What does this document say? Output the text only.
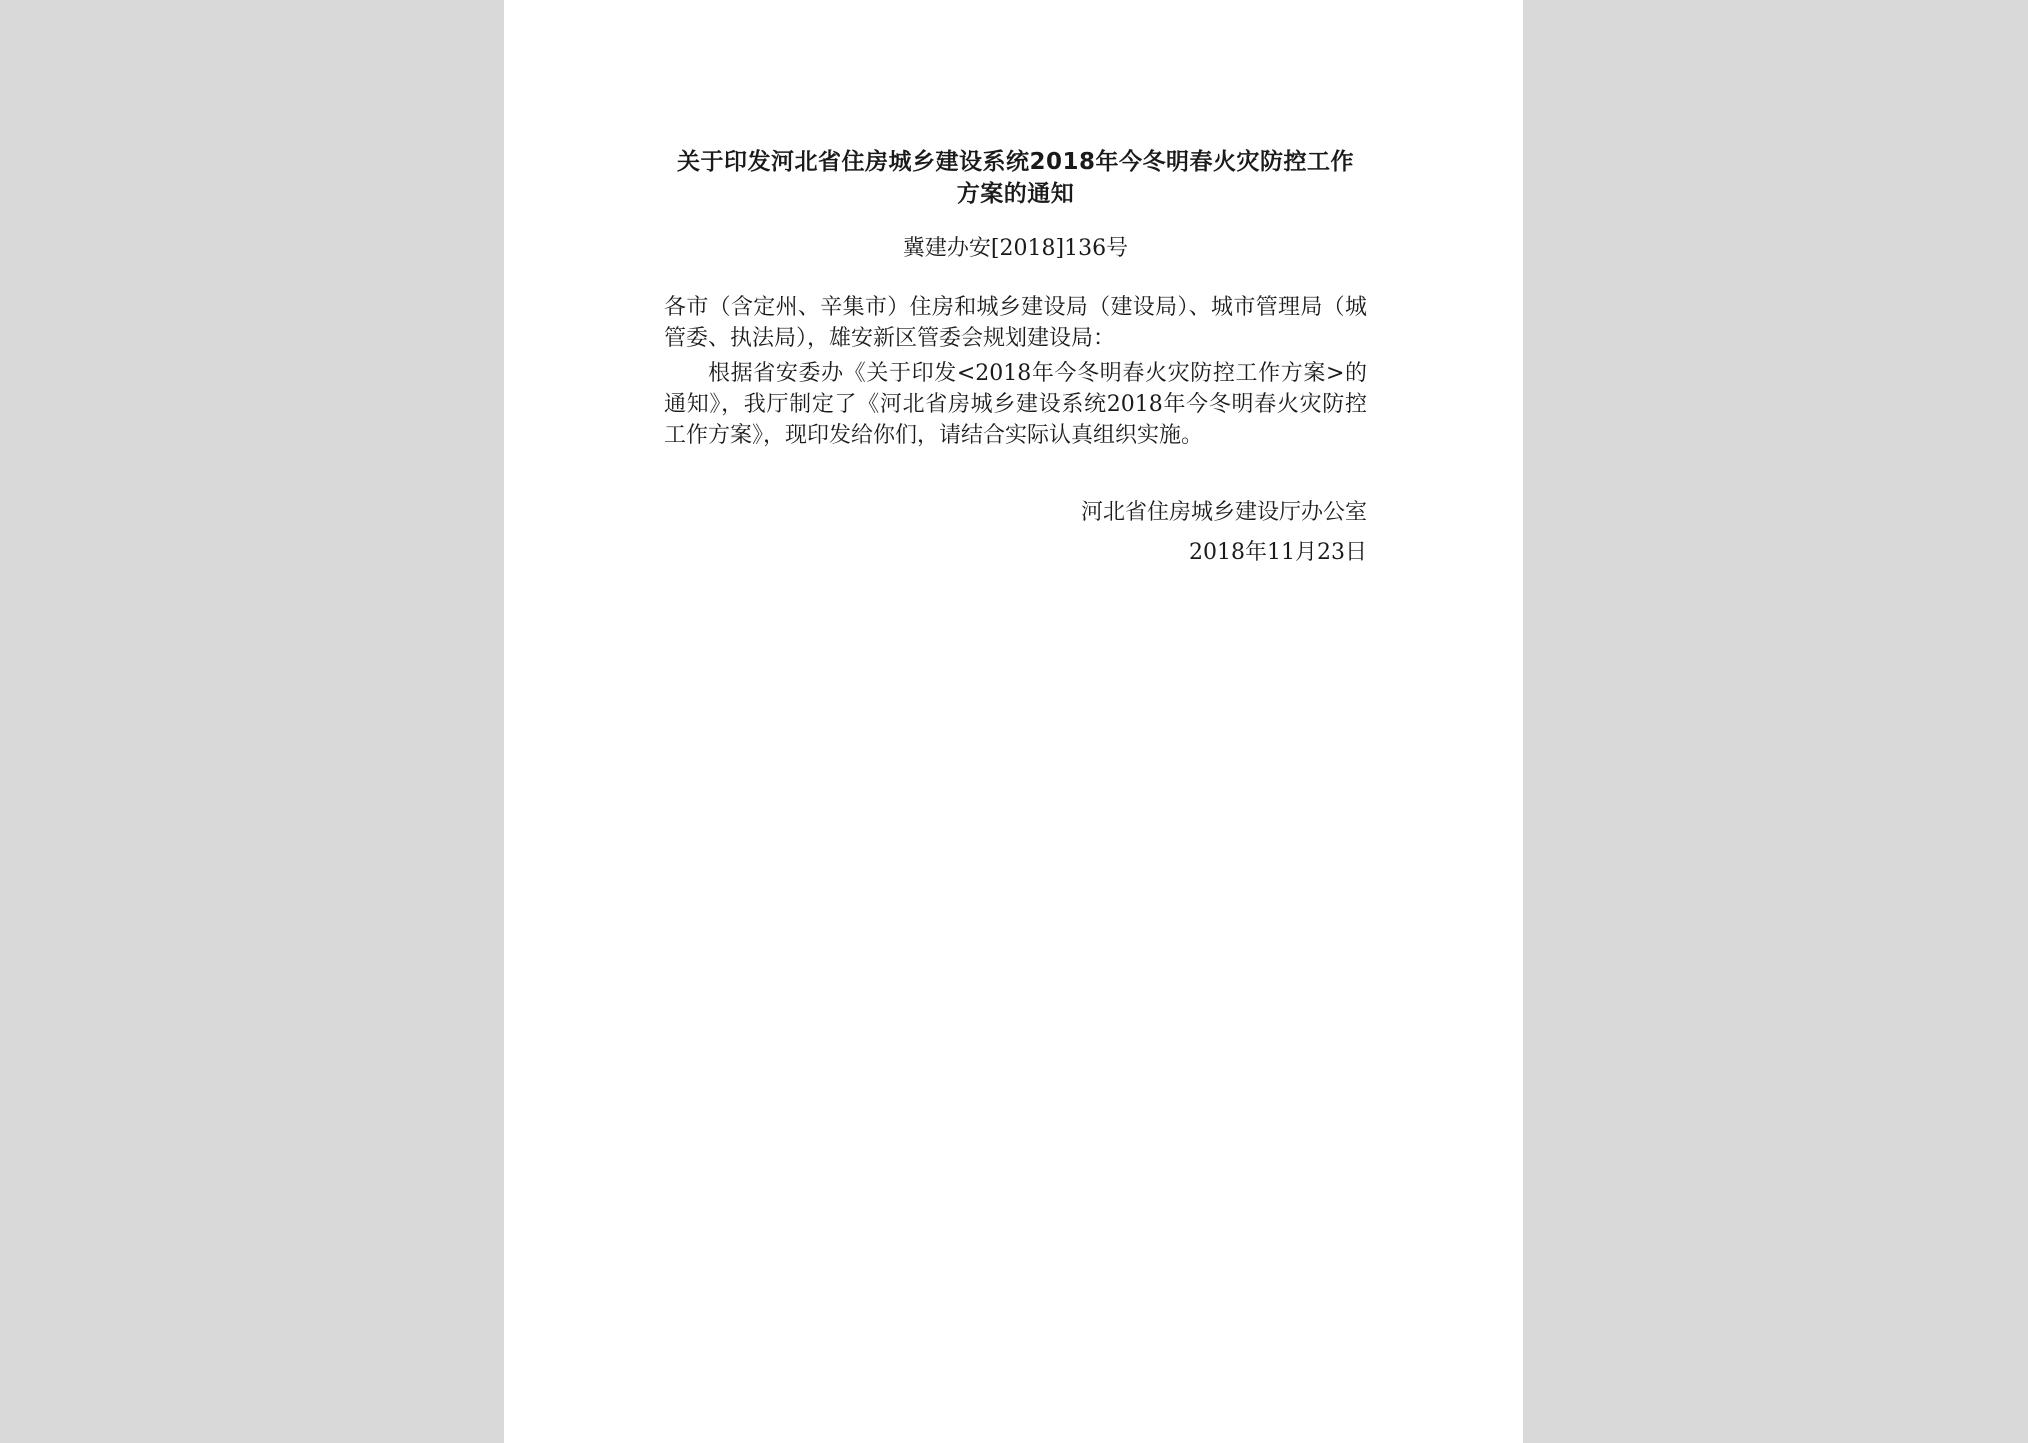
关于印发河北省住房城乡建设系统2018年今冬明春火灾防控工作
方案的通知
冀建办安[2018]136号
各市（含定州、辛集市）住房和城乡建设局（建设局）、城市管理局（城管委、执法局），雄安新区管委会规划建设局：
根据省安委办《关于印发<2018年今冬明春火灾防控工作方案>的通知》，我厅制定了《河北省房城乡建设系统2018年今冬明春火灾防控工作方案》，现印发给你们，请结合实际认真组织实施。
河北省住房城乡建设厅办公室
2018年11月23日
